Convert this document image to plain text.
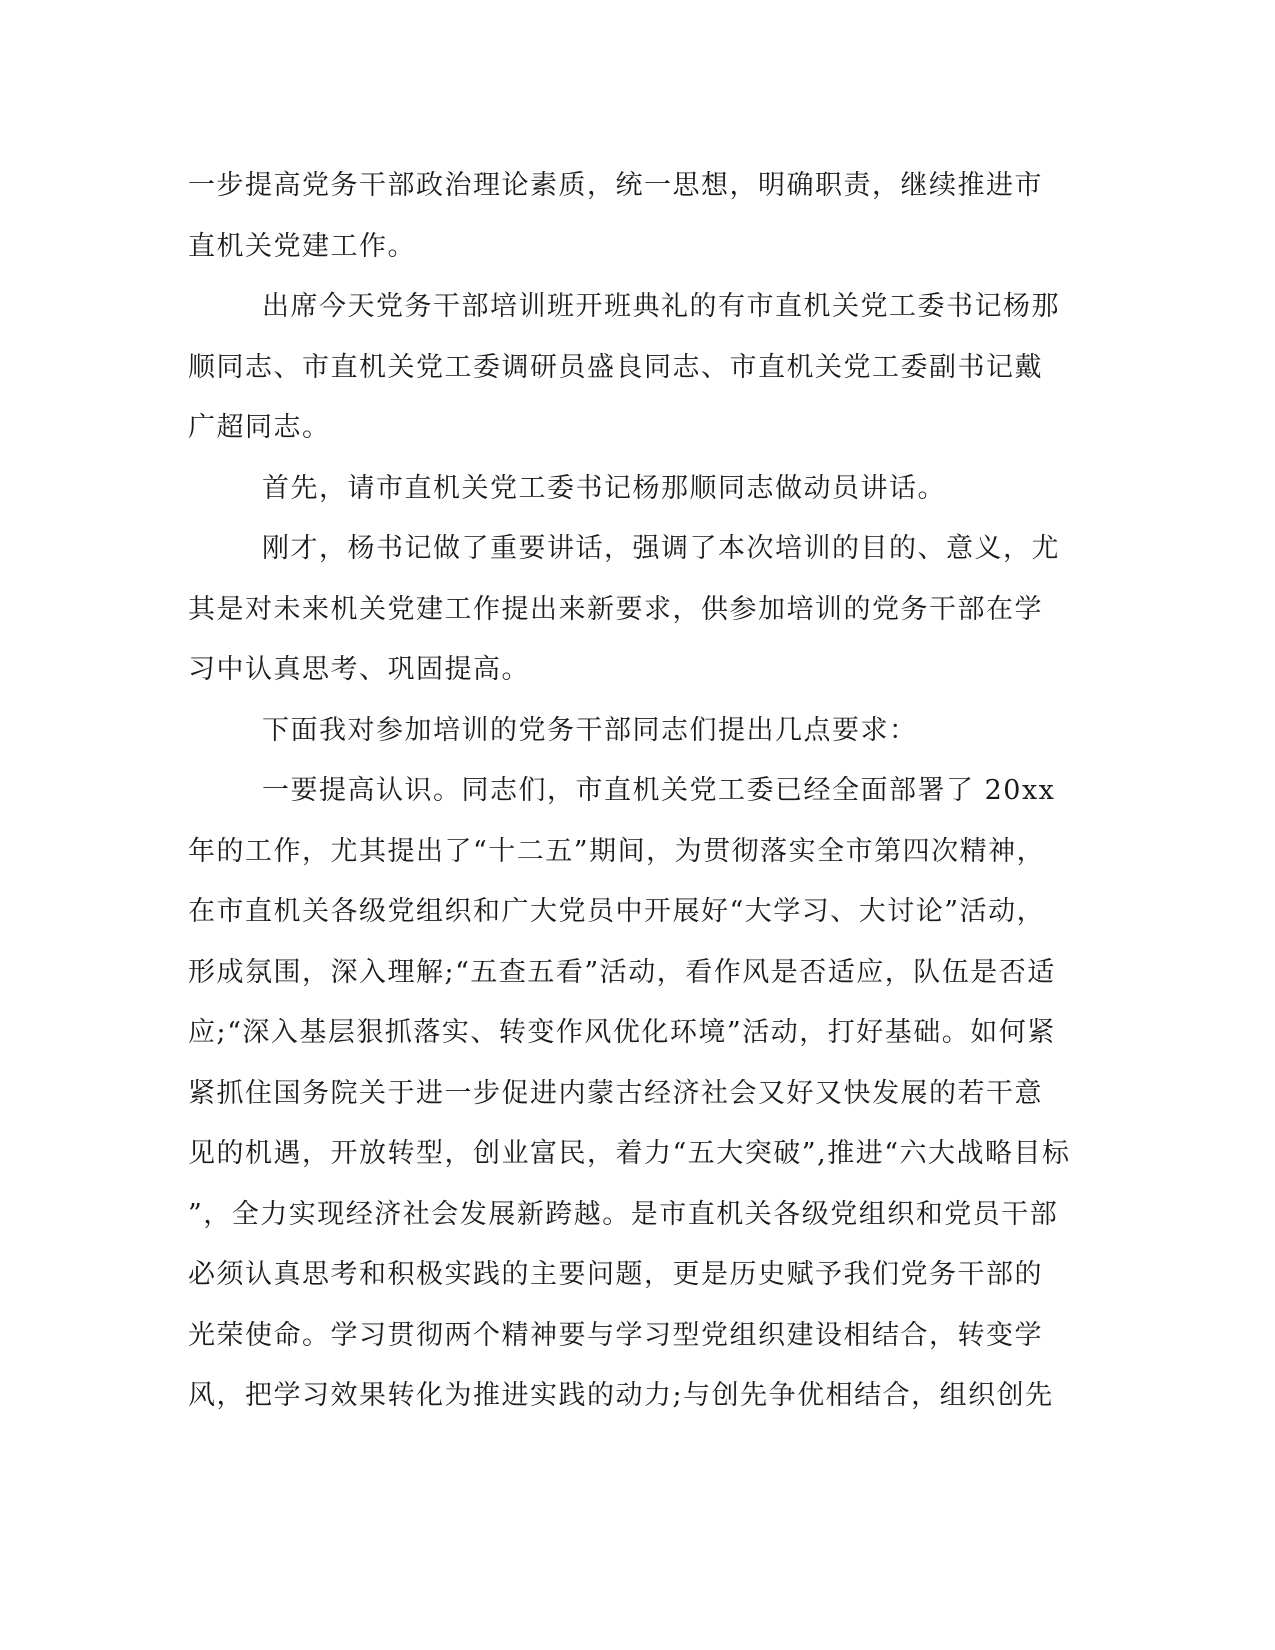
一步提高党务干部政治理论素质，统一思想，明确职责，继续推进市
直机关党建工作。
出席今天党务干部培训班开班典礼的有市直机关党工委书记杨那
顺同志、市直机关党工委调研员盛良同志、市直机关党工委副书记戴
广超同志。
首先，请市直机关党工委书记杨那顺同志做动员讲话。
刚才，杨书记做了重要讲话，强调了本次培训的目的、意义，尤
其是对未来机关党建工作提出来新要求，供参加培训的党务干部在学
习中认真思考、巩固提高。
下面我对参加培训的党务干部同志们提出几点要求：
一要提高认识。同志们，市直机关党工委已经全面部署了 20xx
年的工作，尤其提出了“十二五”期间，为贯彻落实全市第四次精神，
在市直机关各级党组织和广大党员中开展好“大学习、大讨论”活动，
形成氛围，深入理解;“五查五看”活动，看作风是否适应，队伍是否适
应;“深入基层狠抓落实、转变作风优化环境”活动，打好基础。如何紧
紧抓住国务院关于进一步促进内蒙古经济社会又好又快发展的若干意
见的机遇，开放转型，创业富民，着力“五大突破”,推进“六大战略目标
”，全力实现经济社会发展新跨越。是市直机关各级党组织和党员干部
必须认真思考和积极实践的主要问题，更是历史赋予我们党务干部的
光荣使命。学习贯彻两个精神要与学习型党组织建设相结合，转变学
风，把学习效果转化为推进实践的动力;与创先争优相结合，组织创先
